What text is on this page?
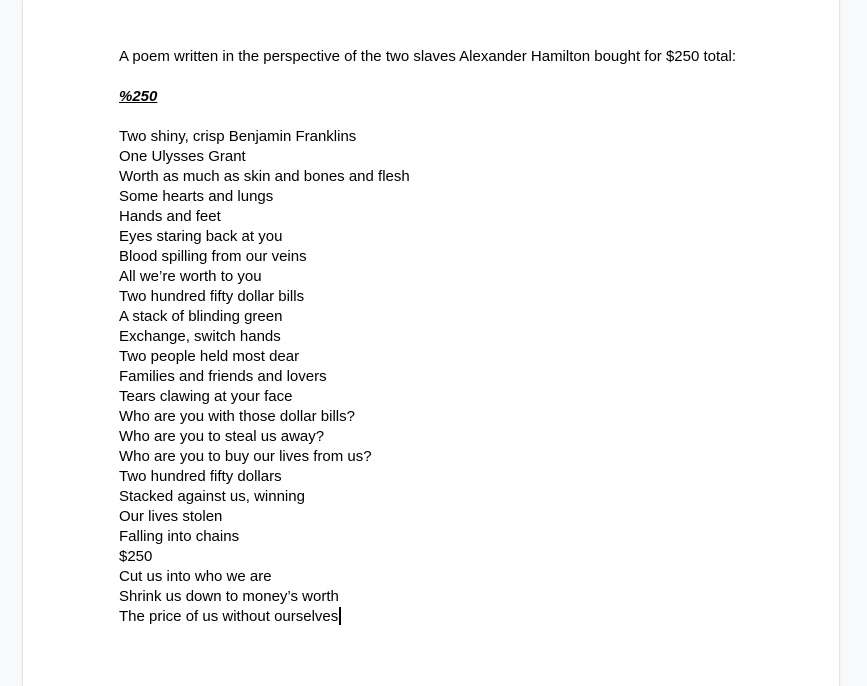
A poem written in the perspective of the two slaves Alexander Hamilton bought for $250 total:
%250
Two shiny, crisp Benjamin Franklins
One Ulysses Grant
Worth as much as skin and bones and flesh
Some hearts and lungs
Hands and feet
Eyes staring back at you
Blood spilling from our veins
All we’re worth to you
Two hundred fifty dollar bills
A stack of blinding green
Exchange, switch hands
Two people held most dear
Families and friends and lovers
Tears clawing at your face
Who are you with those dollar bills?
Who are you to steal us away?
Who are you to buy our lives from us?
Two hundred fifty dollars
Stacked against us, winning
Our lives stolen
Falling into chains
$250
Cut us into who we are
Shrink us down to money’s worth
The price of us without ourselves
